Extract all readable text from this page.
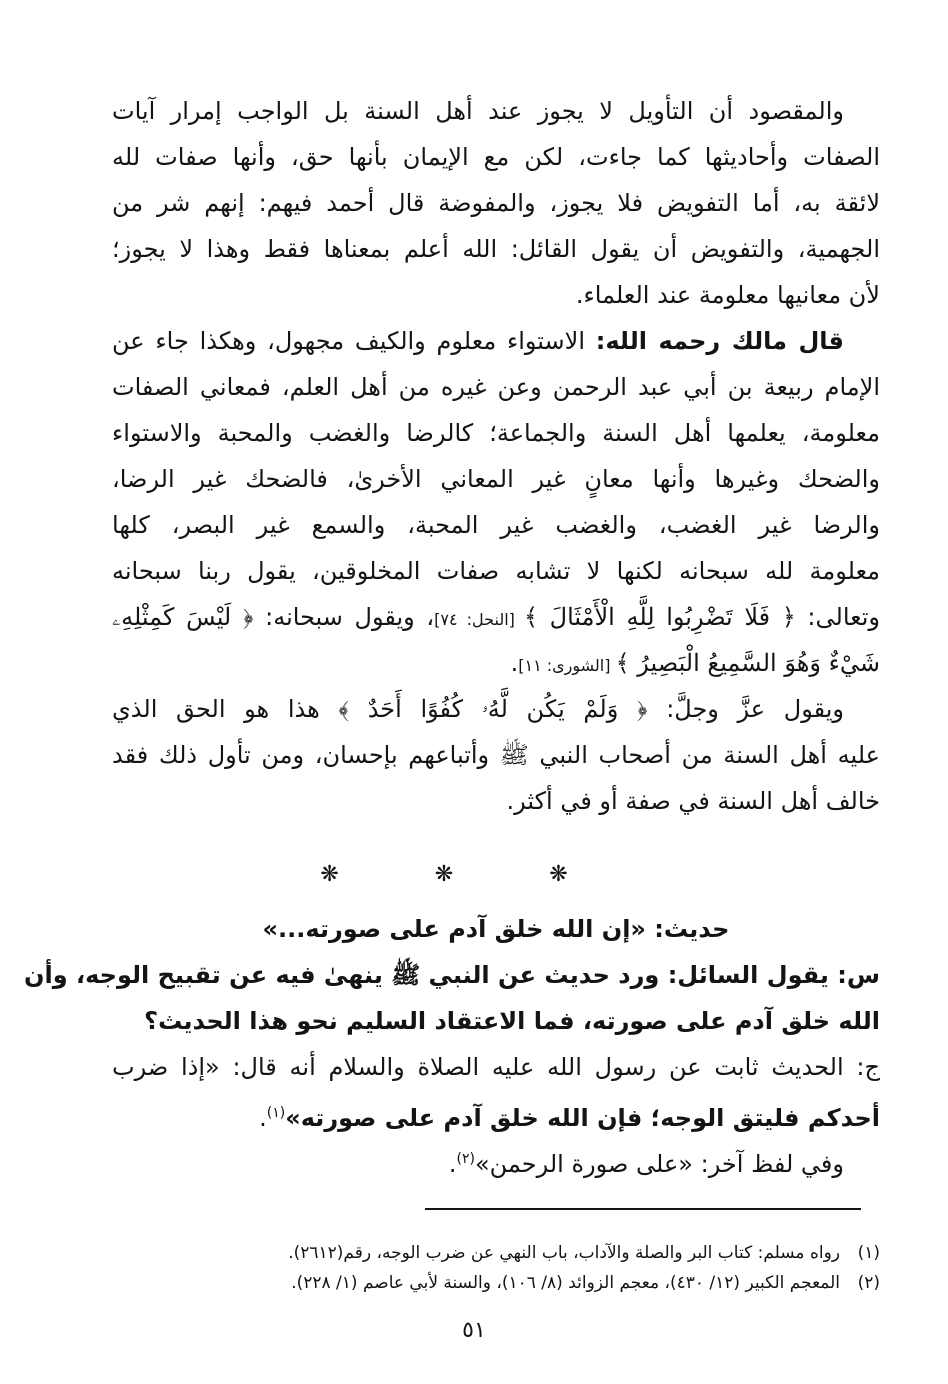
والمقصود أن التأويل لا يجوز عند أهل السنة بل الواجب إمرار آيات
الصفات وأحاديثها كما جاءت، لكن مع الإيمان بأنها حق، وأنها صفات لله
لائقة به، أما التفويض فلا يجوز، والمفوضة قال أحمد فيهم: إنهم شر من
الجهمية، والتفويض أن يقول القائل: الله أعلم بمعناها فقط وهذا لا يجوز؛
لأن معانيها معلومة عند العلماء.
قال مالك رحمه الله: الاستواء معلوم والكيف مجهول، وهكذا جاء عن
الإمام ربيعة بن أبي عبد الرحمن وعن غيره من أهل العلم، فمعاني الصفات
معلومة، يعلمها أهل السنة والجماعة؛ كالرضا والغضب والمحبة والاستواء
والضحك وغيرها وأنها معانٍ غير المعاني الأخرىٰ، فالضحك غير الرضا،
والرضا غير الغضب، والغضب غير المحبة، والسمع غير البصر، كلها
معلومة لله سبحانه لكنها لا تشابه صفات المخلوقين، يقول ربنا سبحانه
وتعالى: ﴿ فَلَا تَضْرِبُوا لِلَّهِ الْأَمْثَالَ ﴾ [النحل: ٧٤]، ويقول سبحانه: ﴿ لَيْسَ كَمِثْلِهِۦ
شَيْءٌ وَهُوَ السَّمِيعُ الْبَصِيرُ ﴾ [الشورى: ١١].
ويقول عزَّ وجلَّ: ﴿ وَلَمْ يَكُن لَّهُۥ كُفُوًا أَحَدٌ ﴾ هذا هو الحق الذي
عليه أهل السنة من أصحاب النبي ﷺ وأتباعهم بإحسان، ومن تأول ذلك فقد
خالف أهل السنة في صفة أو في أكثر.
❋❋❋
حديث: «إن الله خلق آدم على صورته...»
س: يقول السائل: ورد حديث عن النبي ﷺ ينهىٰ فيه عن تقبيح الوجه، وأن
الله خلق آدم على صورته، فما الاعتقاد السليم نحو هذا الحديث؟
ج: الحديث ثابت عن رسول الله عليه الصلاة والسلام أنه قال: «إذا ضرب
أحدكم فليتق الوجه؛ فإن الله خلق آدم على صورته»$^{(١)}$.
وفي لفظ آخر: «على صورة الرحمن»$^{(٢)}$.
(١)رواه مسلم: كتاب البر والصلة والآداب، باب النهي عن ضرب الوجه، رقم(٢٦١٢).
(٢)المعجم الكبير (١٢/ ٤٣٠)، معجم الزوائد (٨/ ١٠٦)، والسنة لأبي عاصم (١/ ٢٢٨).
٥١
